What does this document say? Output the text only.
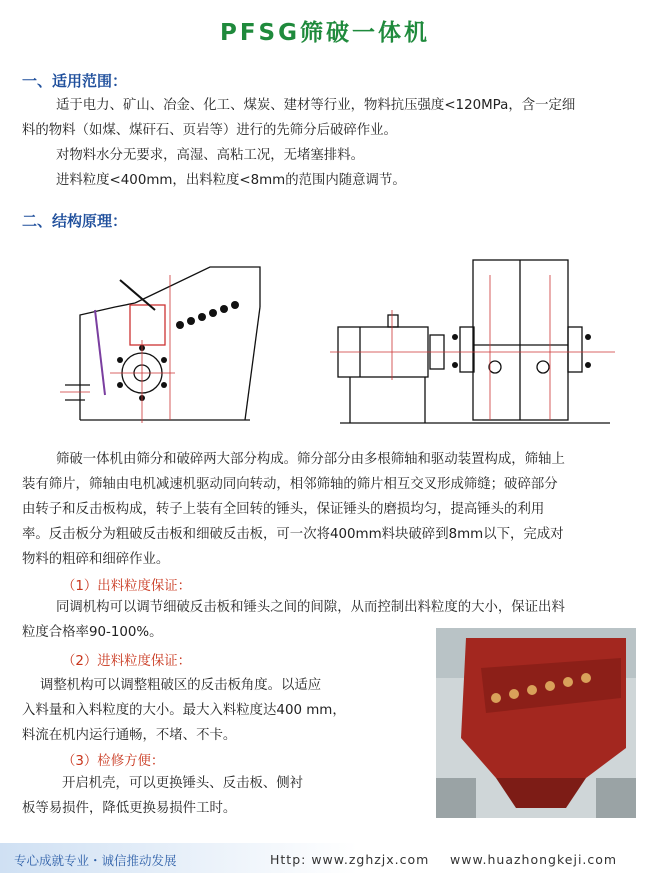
PFSG筛破一体机
一、适用范围：
适于电力、矿山、冶金、化工、煤炭、建材等行业，物料抗压强度<120MPa，含一定细
料的物料（如煤、煤矸石、页岩等）进行的先筛分后破碎作业。
对物料水分无要求，高湿、高粘工况，无堵塞排料。
进料粒度<400mm，出料粒度<8mm的范围内随意调节。
二、结构原理：
筛破一体机由筛分和破碎两大部分构成。筛分部分由多根筛轴和驱动装置构成，筛轴上
装有筛片，筛轴由电机减速机驱动同向转动，相邻筛轴的筛片相互交叉形成筛缝；破碎部分
由转子和反击板构成，转子上装有全回转的锤头，保证锤头的磨损均匀，提高锤头的利用
率。反击板分为粗破反击板和细破反击板，可一次将400mm料块破碎到8mm以下，完成对
物料的粗碎和细碎作业。
（1）出料粒度保证：
同调机构可以调节细破反击板和锤头之间的间隙，从而控制出料粒度的大小，保证出料
粒度合格率90-100%。
（2）进料粒度保证：
调整机构可以调整粗破区的反击板角度。以适应
入料量和入料粒度的大小。最大入料粒度达400 mm，
料流在机内运行通畅，不堵、不卡。
（3）检修方便：
开启机壳，可以更换锤头、反击板、侧衬
板等易损件，降低更换易损件工时。
专心成就专业・诚信推动发展	Http: www.zghzjx.com www.huazhongkeji.com
